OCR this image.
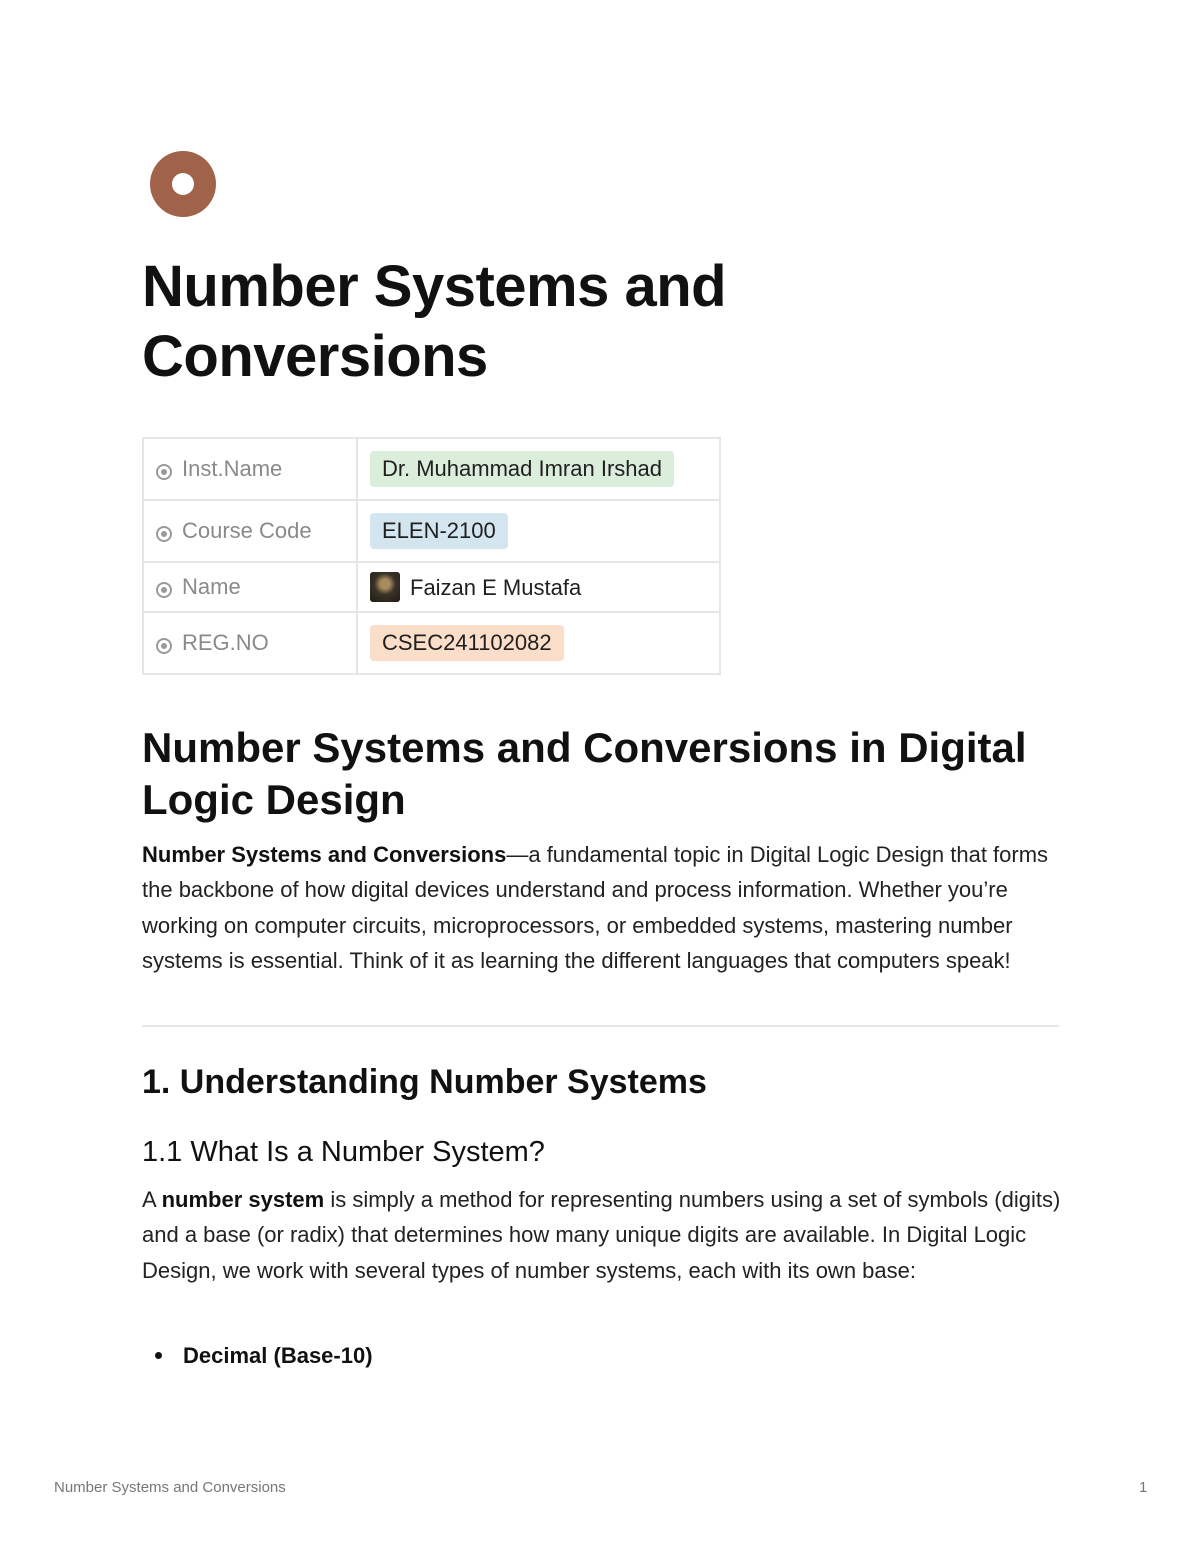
Number Systems and
Conversions
Inst.Name	Dr. Muhammad Imran Irshad
Course Code	ELEN-2100
Name	Faizan E Mustafa
REG.NO	CSEC241102082
Number Systems and Conversions in Digital
Logic Design

Number Systems and Conversions—a fundamental topic in Digital Logic Design that forms the backbone of how digital devices understand and process information. Whether you’re working on computer circuits, microprocessors, or embedded systems, mastering number systems is essential. Think of it as learning the different languages that computers speak!

1. Understanding Number Systems
1.1 What Is a Number System?

A number system is simply a method for representing numbers using a set of symbols (digits) and a base (or radix) that determines how many unique digits are available. In Digital Logic Design, we work with several types of number systems, each with its own base:

Decimal (Base-10)
Number Systems and Conversions	1
